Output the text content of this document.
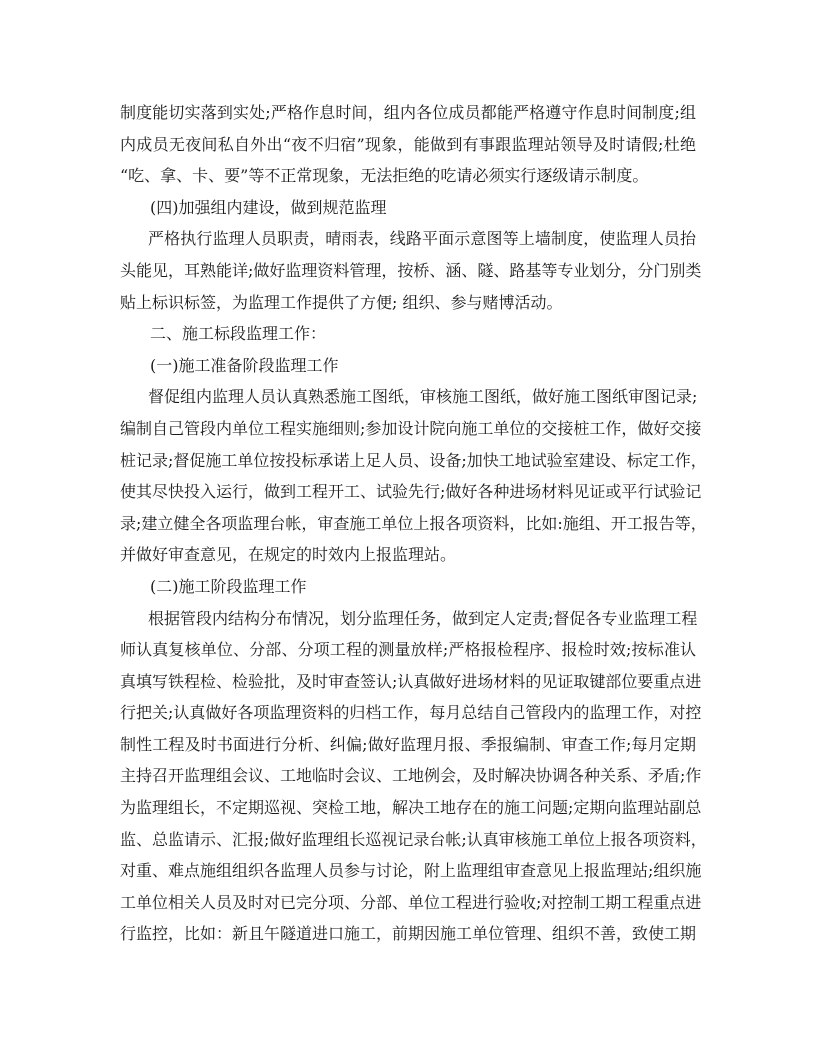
制度能切实落到实处;严格作息时间，组内各位成员都能严格遵守作息时间制度;组
内成员无夜间私自外出“夜不归宿”现象，能做到有事跟监理站领导及时请假;杜绝
“吃、拿、卡、要”等不正常现象，无法拒绝的吃请必须实行逐级请示制度。
(四)加强组内建设，做到规范监理
严格执行监理人员职责，晴雨表，线路平面示意图等上墙制度，使监理人员抬
头能见，耳熟能详;做好监理资料管理，按桥、涵、隧、路基等专业划分，分门别类
贴上标识标签，为监理工作提供了方便; 组织、参与赌博活动。
二、施工标段监理工作：
(一)施工准备阶段监理工作
督促组内监理人员认真熟悉施工图纸，审核施工图纸，做好施工图纸审图记录;
编制自己管段内单位工程实施细则;参加设计院向施工单位的交接桩工作，做好交接
桩记录;督促施工单位按投标承诺上足人员、设备;加快工地试验室建设、标定工作，
使其尽快投入运行，做到工程开工、试验先行;做好各种进场材料见证或平行试验记
录;建立健全各项监理台帐，审查施工单位上报各项资料，比如:施组、开工报告等，
并做好审查意见，在规定的时效内上报监理站。
(二)施工阶段监理工作
根据管段内结构分布情况，划分监理任务，做到定人定责;督促各专业监理工程
师认真复核单位、分部、分项工程的测量放样;严格报检程序、报检时效;按标准认
真填写铁程检、检验批，及时审查签认;认真做好进场材料的见证取键部位要重点进
行把关;认真做好各项监理资料的归档工作，每月总结自己管段内的监理工作，对控
制性工程及时书面进行分析、纠偏;做好监理月报、季报编制、审查工作;每月定期
主持召开监理组会议、工地临时会议、工地例会，及时解决协调各种关系、矛盾;作
为监理组长，不定期巡视、突检工地，解决工地存在的施工问题;定期向监理站副总
监、总监请示、汇报;做好监理组长巡视记录台帐;认真审核施工单位上报各项资料，
对重、难点施组组织各监理人员参与讨论，附上监理组审查意见上报监理站;组织施
工单位相关人员及时对已完分项、分部、单位工程进行验收;对控制工期工程重点进
行监控，比如：新且午隧道进口施工，前期因施工单位管理、组织不善，致使工期
